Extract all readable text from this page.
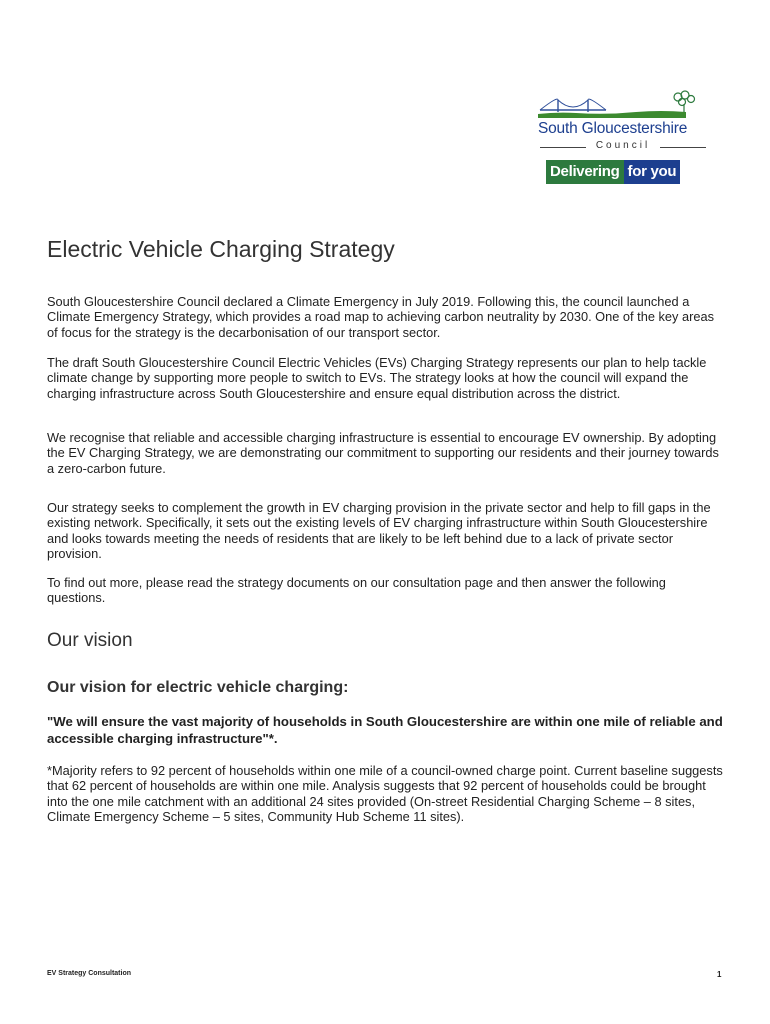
South Gloucestershire
Council
Delivering for you
Electric Vehicle Charging Strategy

South Gloucestershire Council declared a Climate Emergency in July 2019. Following this, the council launched a Climate Emergency Strategy, which provides a road map to achieving carbon neutrality by 2030. One of the key areas of focus for the strategy is the decarbonisation of our transport sector.

The draft South Gloucestershire Council Electric Vehicles (EVs) Charging Strategy represents our plan to help tackle climate change by supporting more people to switch to EVs. The strategy looks at how the council will expand the charging infrastructure across South Gloucestershire and ensure equal distribution across the district.

We recognise that reliable and accessible charging infrastructure is essential to encourage EV ownership. By adopting the EV Charging Strategy, we are demonstrating our commitment to supporting our residents and their journey towards a zero-carbon future.

Our strategy seeks to complement the growth in EV charging provision in the private sector and help to fill gaps in the existing network. Specifically, it sets out the existing levels of EV charging infrastructure within South Gloucestershire and looks towards meeting the needs of residents that are likely to be left behind due to a lack of private sector provision.

To find out more, please read the strategy documents on our consultation page and then answer the following questions.

Our vision
Our vision for electric vehicle charging:

"We will ensure the vast majority of households in South Gloucestershire are within one mile of reliable and accessible charging infrastructure"*.

*Majority refers to 92 percent of households within one mile of a council-owned charge point. Current baseline suggests that 62 percent of households are within one mile. Analysis suggests that 92 percent of households could be brought into the one mile catchment with an additional 24 sites provided (On-street Residential Charging Scheme – 8 sites, Climate Emergency Scheme – 5 sites, Community Hub Scheme 11 sites).

EV Strategy Consultation	1
